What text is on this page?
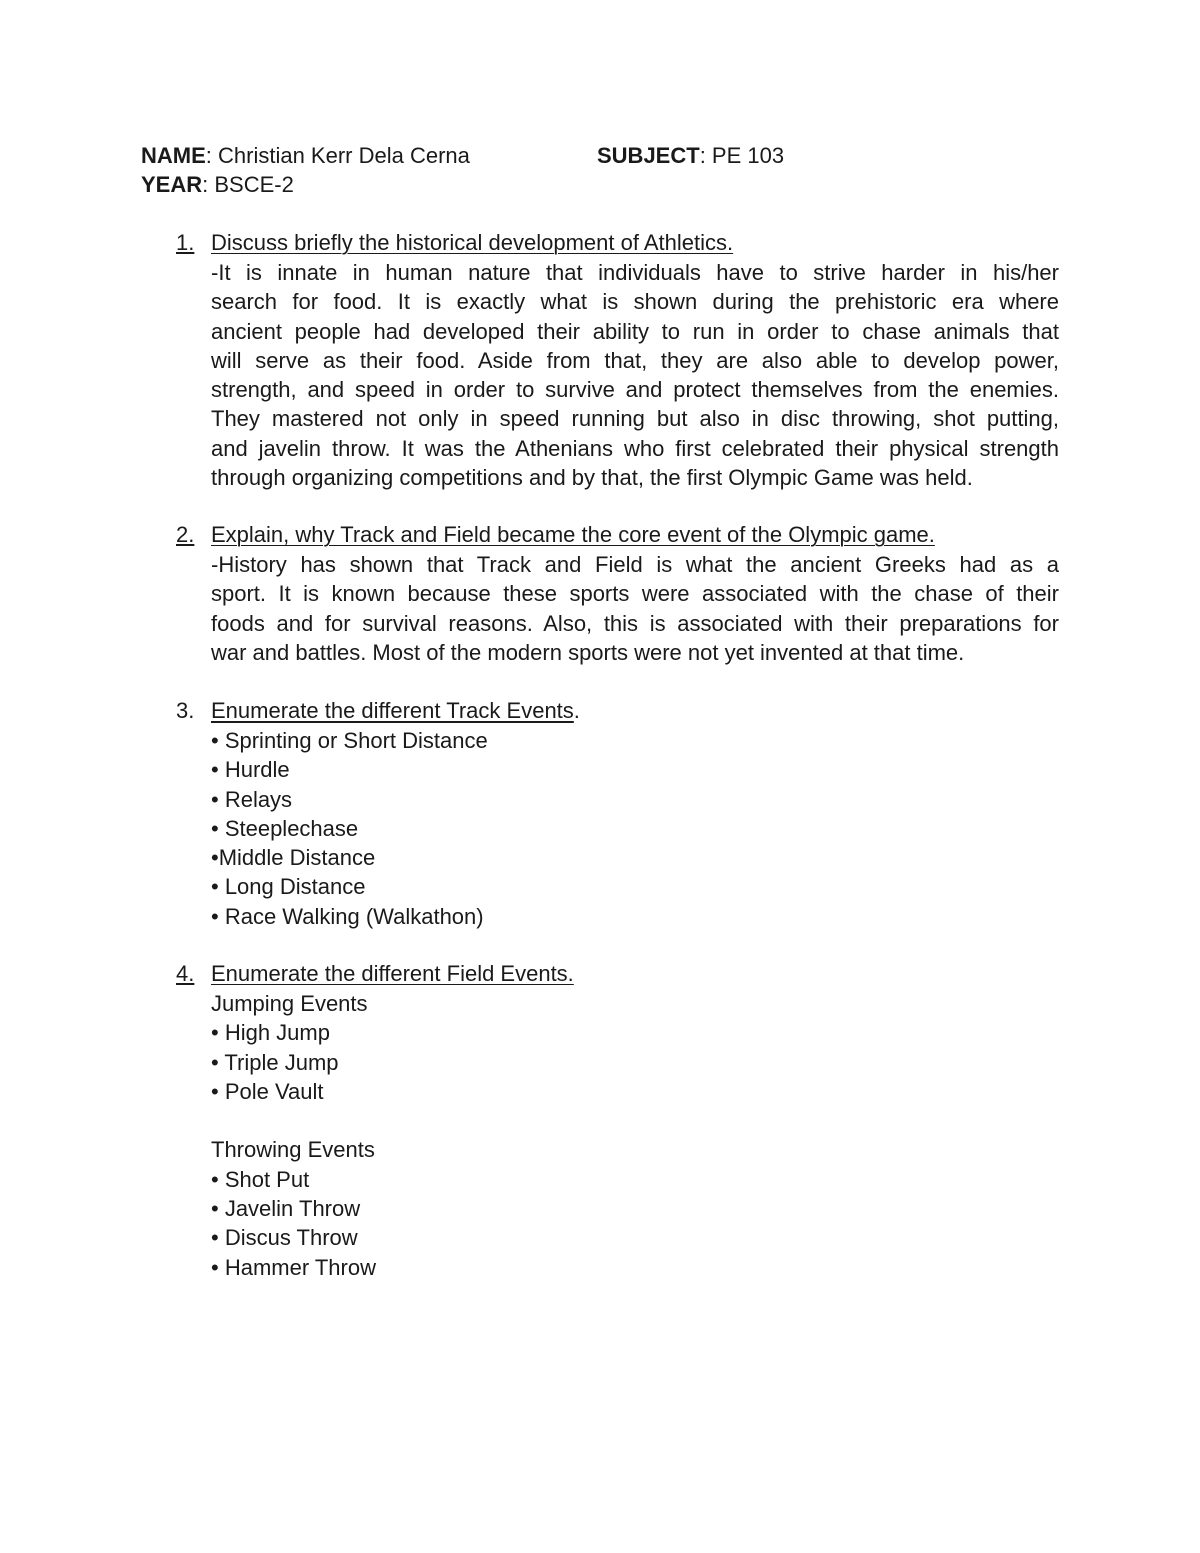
NAME: Christian Kerr Dela Cerna	SUBJECT: PE 103
YEAR: BSCE-2
1. Discuss briefly the historical development of Athletics.
-It is innate in human nature that individuals have to strive harder in his/her
search for food. It is exactly what is shown during the prehistoric era where
ancient people had developed their ability to run in order to chase animals that
will serve as their food. Aside from that, they are also able to develop power,
strength, and speed in order to survive and protect themselves from the enemies.
They mastered not only in speed running but also in disc throwing, shot putting,
and javelin throw. It was the Athenians who first celebrated their physical strength
through organizing competitions and by that, the first Olympic Game was held.
2. Explain, why Track and Field became the core event of the Olympic game.
-History has shown that Track and Field is what the ancient Greeks had as a
sport. It is known because these sports were associated with the chase of their
foods and for survival reasons. Also, this is associated with their preparations for
war and battles. Most of the modern sports were not yet invented at that time.
3. Enumerate the different Track Events.
• Sprinting or Short Distance
• Hurdle
• Relays
• Steeplechase
•Middle Distance
• Long Distance
• Race Walking (Walkathon)
4. Enumerate the different Field Events.
Jumping Events
• High Jump
• Triple Jump
• Pole Vault
Throwing Events
• Shot Put
• Javelin Throw
• Discus Throw
• Hammer Throw
